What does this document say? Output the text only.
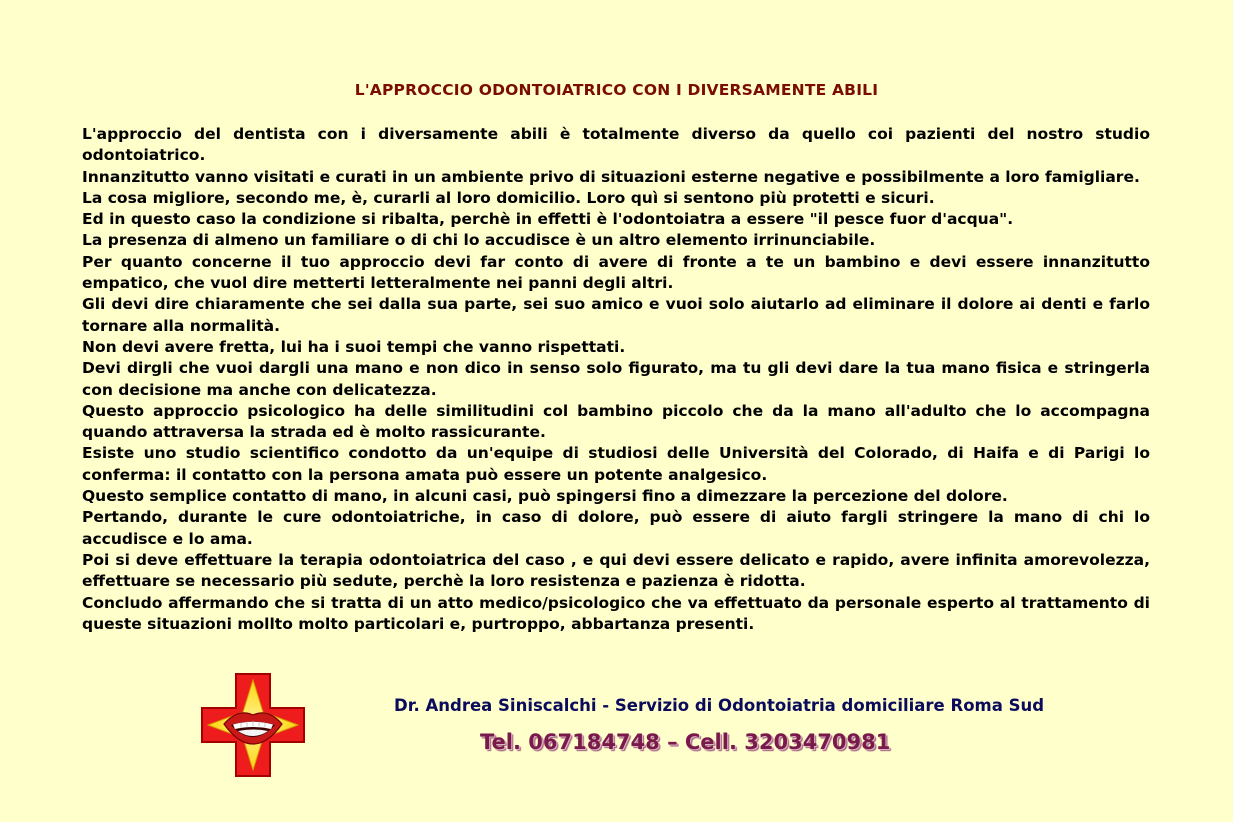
L'APPROCCIO ODONTOIATRICO CON I DIVERSAMENTE ABILI

L'approccio del dentista con i diversamente abili è totalmente diverso da quello coi pazienti del nostro studio odontoiatrico.

Innanzitutto vanno visitati e curati in un ambiente privo di situazioni esterne negative e possibilmente a loro famigliare.

La cosa migliore, secondo me, è, curarli al loro domicilio. Loro quì si sentono più protetti e sicuri.

Ed in questo caso la condizione si ribalta, perchè in effetti è l'odontoiatra a essere "il pesce fuor d'acqua".

La presenza di almeno un familiare o di chi lo accudisce è un altro elemento irrinunciabile.

Per quanto concerne il tuo approccio devi far conto di avere di fronte a te un bambino e devi essere innanzitutto empatico, che vuol dire metterti letteralmente nei panni degli altri.

Gli devi dire chiaramente che sei dalla sua parte, sei suo amico e vuoi solo aiutarlo ad eliminare il dolore ai denti e farlo tornare alla normalità.

Non devi avere fretta, lui ha i suoi tempi che vanno rispettati.

Devi dirgli che vuoi dargli una mano e non dico in senso solo figurato, ma tu gli devi dare la tua mano fisica e stringerla con decisione ma anche con delicatezza.

Questo approccio psicologico ha delle similitudini col bambino piccolo che da la mano all'adulto che lo accompagna quando attraversa la strada ed è molto rassicurante.

Esiste uno studio scientifico condotto da un'equipe di studiosi delle Università del Colorado, di Haifa e di Parigi lo conferma: il contatto con la persona amata può essere un potente analgesico.

Questo semplice contatto di mano, in alcuni casi, può spingersi fino a dimezzare la percezione del dolore.

Pertando, durante le cure odontoiatriche, in caso di dolore, può essere di aiuto fargli stringere la mano di chi lo accudisce e lo ama.

Poi si deve effettuare la terapia odontoiatrica del caso , e qui devi essere delicato e rapido, avere infinita amorevolezza, effettuare se necessario più sedute, perchè la loro resistenza e pazienza è ridotta.

Concludo affermando che si tratta di un atto medico/psicologico che va effettuato da personale esperto al trattamento di queste situazioni mollto molto particolari e, purtroppo, abbartanza presenti.

Dr. Andrea Siniscalchi - Servizio di Odontoiatria domiciliare Roma Sud
Tel. 067184748 – Cell. 3203470981
